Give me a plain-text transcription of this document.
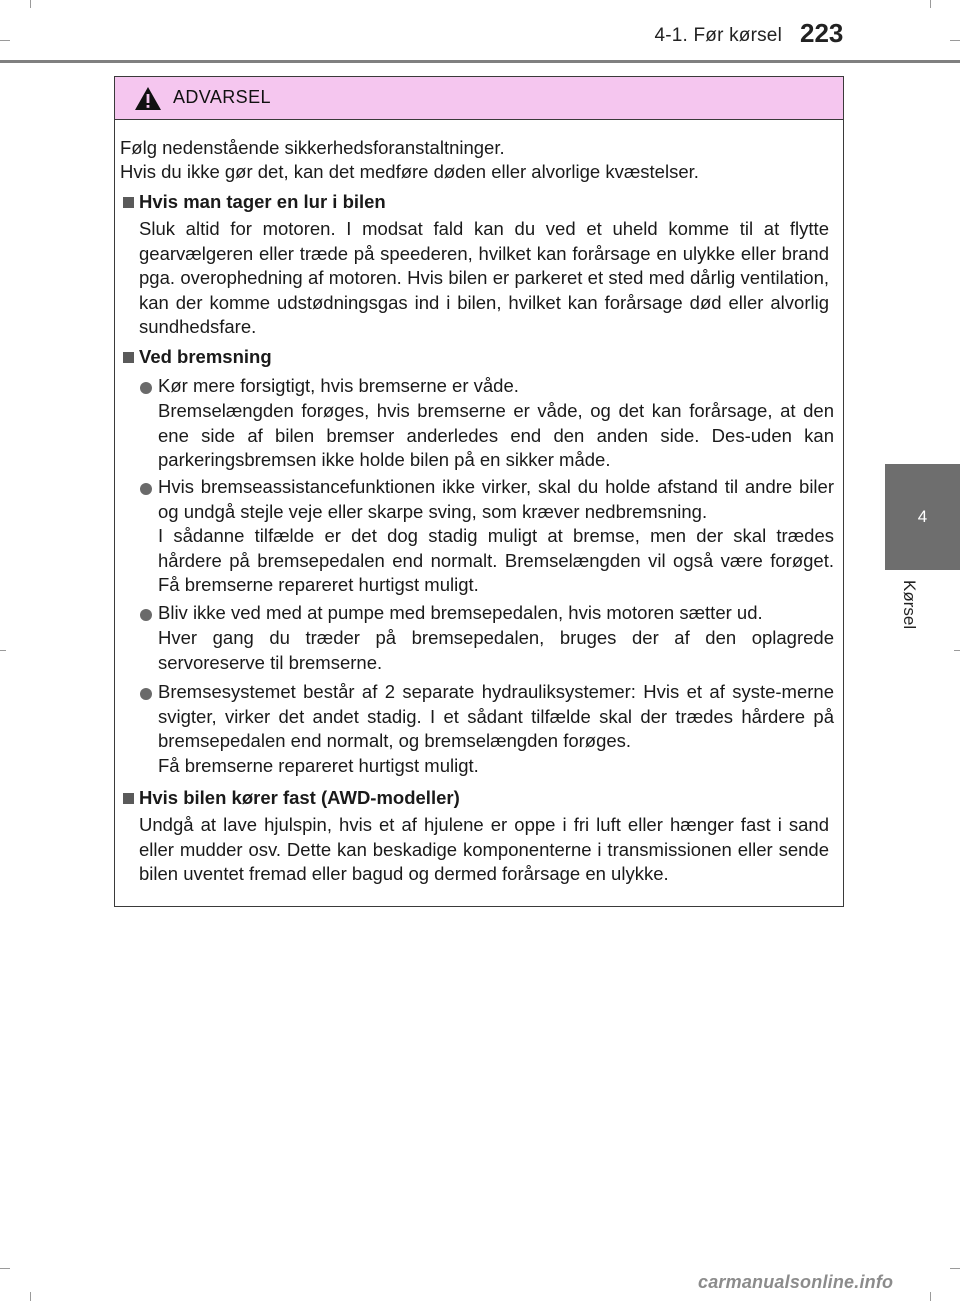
4-1. Før kørsel 223
4
Kørsel
ADVARSEL
Følg nedenstående sikkerhedsforanstaltninger.
Hvis du ikke gør det, kan det medføre døden eller alvorlige kvæstelser.
Hvis man tager en lur i bilen
Sluk altid for motoren. I modsat fald kan du ved et uheld komme til at flytte gearvælgeren eller træde på speederen, hvilket kan forårsage en ulykke eller brand pga. overophedning af motoren. Hvis bilen er parkeret et sted med dårlig ventilation, kan der komme udstødningsgas ind i bilen, hvilket kan forårsage død eller alvorlig sundhedsfare.
Ved bremsning
Kør mere forsigtigt, hvis bremserne er våde.
Bremselængden forøges, hvis bremserne er våde, og det kan forårsage, at den ene side af bilen bremser anderledes end den anden side. Des-uden kan parkeringsbremsen ikke holde bilen på en sikker måde.
Hvis bremseassistancefunktionen ikke virker, skal du holde afstand til andre biler og undgå stejle veje eller skarpe sving, som kræver nedbremsning.
I sådanne tilfælde er det dog stadig muligt at bremse, men der skal trædes hårdere på bremsepedalen end normalt. Bremselængden vil også være forøget. Få bremserne repareret hurtigst muligt.
Bliv ikke ved med at pumpe med bremsepedalen, hvis motoren sætter ud.
Hver gang du træder på bremsepedalen, bruges der af den oplagrede servoreserve til bremserne.
Bremsesystemet består af 2 separate hydrauliksystemer: Hvis et af syste-merne svigter, virker det andet stadig. I et sådant tilfælde skal der trædes hårdere på bremsepedalen end normalt, og bremselængden forøges.
Få bremserne repareret hurtigst muligt.
Hvis bilen kører fast (AWD-modeller)
Undgå at lave hjulspin, hvis et af hjulene er oppe i fri luft eller hænger fast i sand eller mudder osv. Dette kan beskadige komponenterne i transmissionen eller sende bilen uventet fremad eller bagud og dermed forårsage en ulykke.
carmanualsonline.info
